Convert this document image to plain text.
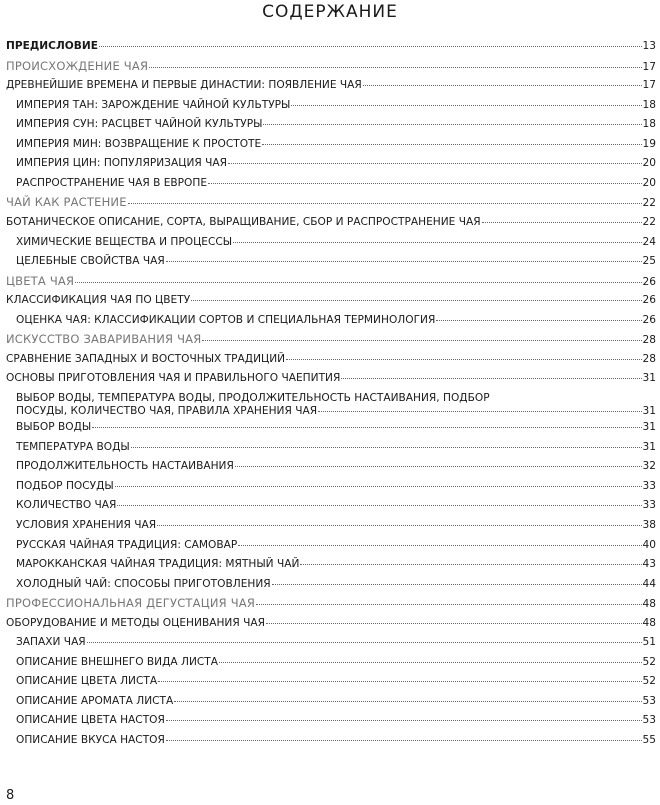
СОДЕРЖАНИЕ
ПРЕДИСЛОВИЕ	13
ПРОИСХОЖДЕНИЕ ЧАЯ	17
ДРЕВНЕЙШИЕ ВРЕМЕНА И ПЕРВЫЕ ДИНАСТИИ: ПОЯВЛЕНИЕ ЧАЯ	17
ИМПЕРИЯ ТАН: ЗАРОЖДЕНИЕ ЧАЙНОЙ КУЛЬТУРЫ	18
ИМПЕРИЯ СУН: РАСЦВЕТ ЧАЙНОЙ КУЛЬТУРЫ	18
ИМПЕРИЯ МИН: ВОЗВРАЩЕНИЕ К ПРОСТОТЕ	19
ИМПЕРИЯ ЦИН: ПОПУЛЯРИЗАЦИЯ ЧАЯ	20
РАСПРОСТРАНЕНИЕ ЧАЯ В ЕВРОПЕ	20
ЧАЙ КАК РАСТЕНИЕ	22
БОТАНИЧЕСКОЕ ОПИСАНИЕ, СОРТА, ВЫРАЩИВАНИЕ, СБОР И РАСПРОСТРАНЕНИЕ ЧАЯ	22
ХИМИЧЕСКИЕ ВЕЩЕСТВА И ПРОЦЕССЫ	24
ЦЕЛЕБНЫЕ СВОЙСТВА ЧАЯ	25
ЦВЕТА ЧАЯ	26
КЛАССИФИКАЦИЯ ЧАЯ ПО ЦВЕТУ	26
ОЦЕНКА ЧАЯ: КЛАССИФИКАЦИИ СОРТОВ И СПЕЦИАЛЬНАЯ ТЕРМИНОЛОГИЯ	26
ИСКУССТВО ЗАВАРИВАНИЯ ЧАЯ	28
СРАВНЕНИЕ ЗАПАДНЫХ И ВОСТОЧНЫХ ТРАДИЦИЙ	28
ОСНОВЫ ПРИГОТОВЛЕНИЯ ЧАЯ И ПРАВИЛЬНОГО ЧАЕПИТИЯ	31
ВЫБОР ВОДЫ, ТЕМПЕРАТУРА ВОДЫ, ПРОДОЛЖИТЕЛЬНОСТЬ НАСТАИВАНИЯ, ПОДБОР
ПОСУДЫ, КОЛИЧЕСТВО ЧАЯ, ПРАВИЛА ХРАНЕНИЯ ЧАЯ	31
ВЫБОР ВОДЫ	31
ТЕМПЕРАТУРА ВОДЫ	31
ПРОДОЛЖИТЕЛЬНОСТЬ НАСТАИВАНИЯ	32
ПОДБОР ПОСУДЫ	33
КОЛИЧЕСТВО ЧАЯ	33
УСЛОВИЯ ХРАНЕНИЯ ЧАЯ	38
РУССКАЯ ЧАЙНАЯ ТРАДИЦИЯ: САМОВАР	40
МАРОККАНСКАЯ ЧАЙНАЯ ТРАДИЦИЯ: МЯТНЫЙ ЧАЙ	43
ХОЛОДНЫЙ ЧАЙ: СПОСОБЫ ПРИГОТОВЛЕНИЯ	44
ПРОФЕССИОНАЛЬНАЯ ДЕГУСТАЦИЯ ЧАЯ	48
ОБОРУДОВАНИЕ И МЕТОДЫ ОЦЕНИВАНИЯ ЧАЯ	48
ЗАПАХИ ЧАЯ	51
ОПИСАНИЕ ВНЕШНЕГО ВИДА ЛИСТА	52
ОПИСАНИЕ ЦВЕТА ЛИСТА	52
ОПИСАНИЕ АРОМАТА ЛИСТА	53
ОПИСАНИЕ ЦВЕТА НАСТОЯ	53
ОПИСАНИЕ ВКУСА НАСТОЯ	55
8
